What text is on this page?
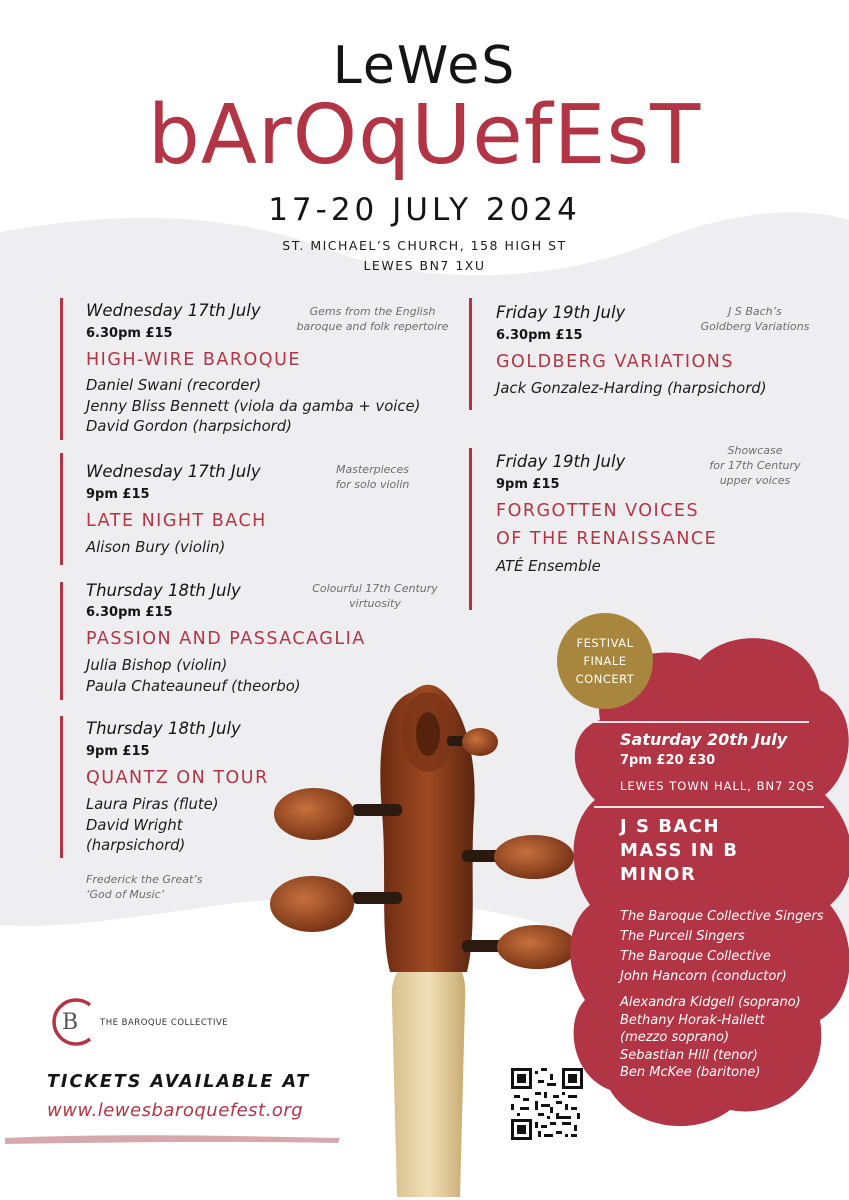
LeWeS
bArOqUefEsT
17-20 JULY 2024
ST. MICHAEL’S CHURCH, 158 HIGH ST
LEWES BN7 1XU
Wednesday 17th July
6.30pm £15
Gems from the English
baroque and folk repertoire
HIGH-WIRE BAROQUE
Daniel Swani (recorder)
Jenny Bliss Bennett (viola da gamba + voice)
David Gordon (harpsichord)
Wednesday 17th July
9pm £15
Masterpieces
for solo violin
LATE NIGHT BACH
Alison Bury (violin)
Thursday 18th July
6.30pm £15
Colourful 17th Century
virtuosity
PASSION AND PASSACAGLIA
Julia Bishop (violin)
Paula Chateauneuf (theorbo)
Thursday 18th July
9pm £15
QUANTZ ON TOUR
Laura Piras (flute)
David Wright
(harpsichord)
Frederick the Great’s
‘God of Music’
Friday 19th July
6.30pm £15
J S Bach’s
Goldberg Variations
GOLDBERG VARIATIONS
Jack Gonzalez-Harding (harpsichord)
Friday 19th July
9pm £15
Showcase
for 17th Century
upper voices
FORGOTTEN VOICES
OF THE RENAISSANCE
ATÉ Ensemble
FESTIVAL
FINALE
CONCERT
Saturday 20th July
7pm £20 £30
LEWES TOWN HALL, BN7 2QS
J S BACH
MASS IN B
MINOR
The Baroque Collective Singers
The Purcell Singers
The Baroque Collective
John Hancorn (conductor)
Alexandra Kidgell (soprano)
Bethany Horak-Hallett
(mezzo soprano)
Sebastian Hill (tenor)
Ben McKee (baritone)
B	THE BAROQUE COLLECTIVE
TICKETS AVAILABLE AT
www.lewesbaroquefest.org
